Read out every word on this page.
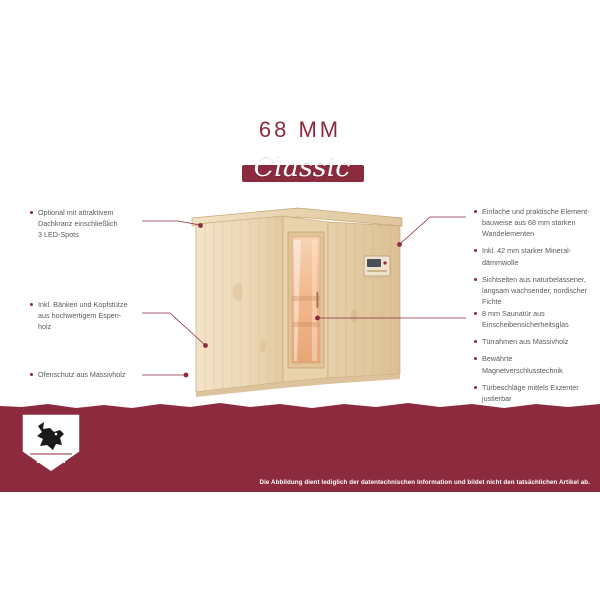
68 MM
Classic
Optional mit attraktivem
Dachkranz einschließlich
3 LED-Spots
Inkl. Bänken und Kopfstütze
aus hochwertigem Espen-
holz
Ofenschutz aus Massivholz
Einfache und praktische Element-
bauweise aus 68 mm starken
Wandelementen
Inkl. 42 mm starker Mineral-
dämmwolle
Sichtseiten aus naturbelassener,
langsam wachsender, nordischer
Fichte
8 mm Saunatür aus
Einscheibensicherheitsglas
Türrahmen aus Massivholz
Bewährte Magnetverschlusstechnik
Türbeschläge mittels Exzenter
justierbar
Karibu
Die Abbildung dient lediglich der datentechnischen Information und bildet nicht den tatsächlichen Artikel ab.
